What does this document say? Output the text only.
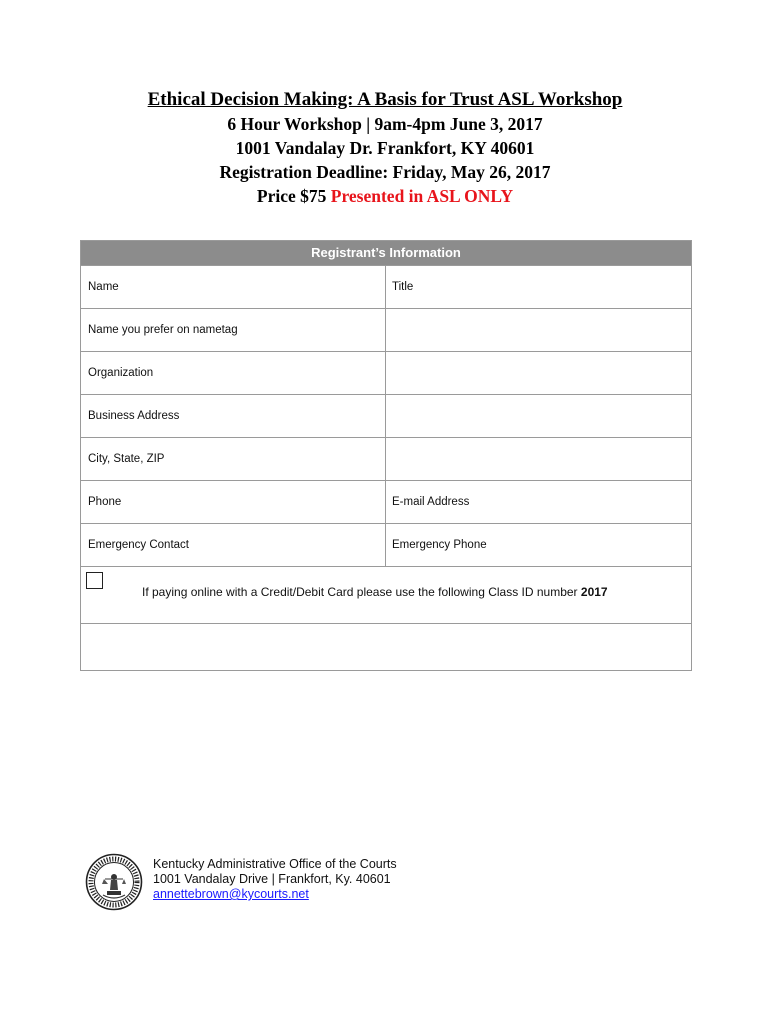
Ethical Decision Making: A Basis for Trust ASL Workshop
6 Hour Workshop | 9am-4pm June 3, 2017
1001 Vandalay Dr. Frankfort, KY 40601
Registration Deadline: Friday, May 26, 2017
Price $75 Presented in ASL ONLY
Registrant’s Information
Name	Title
Name you prefer on nametag
Organization
Business Address
City, State, ZIP
Phone	E-mail Address
Emergency Contact	Emergency Phone
If paying online with a Credit/Debit Card please use the following Class ID number 2017
Kentucky Administrative Office of the Courts
1001 Vandalay Drive | Frankfort, Ky. 40601
annettebrown@kycourts.net
